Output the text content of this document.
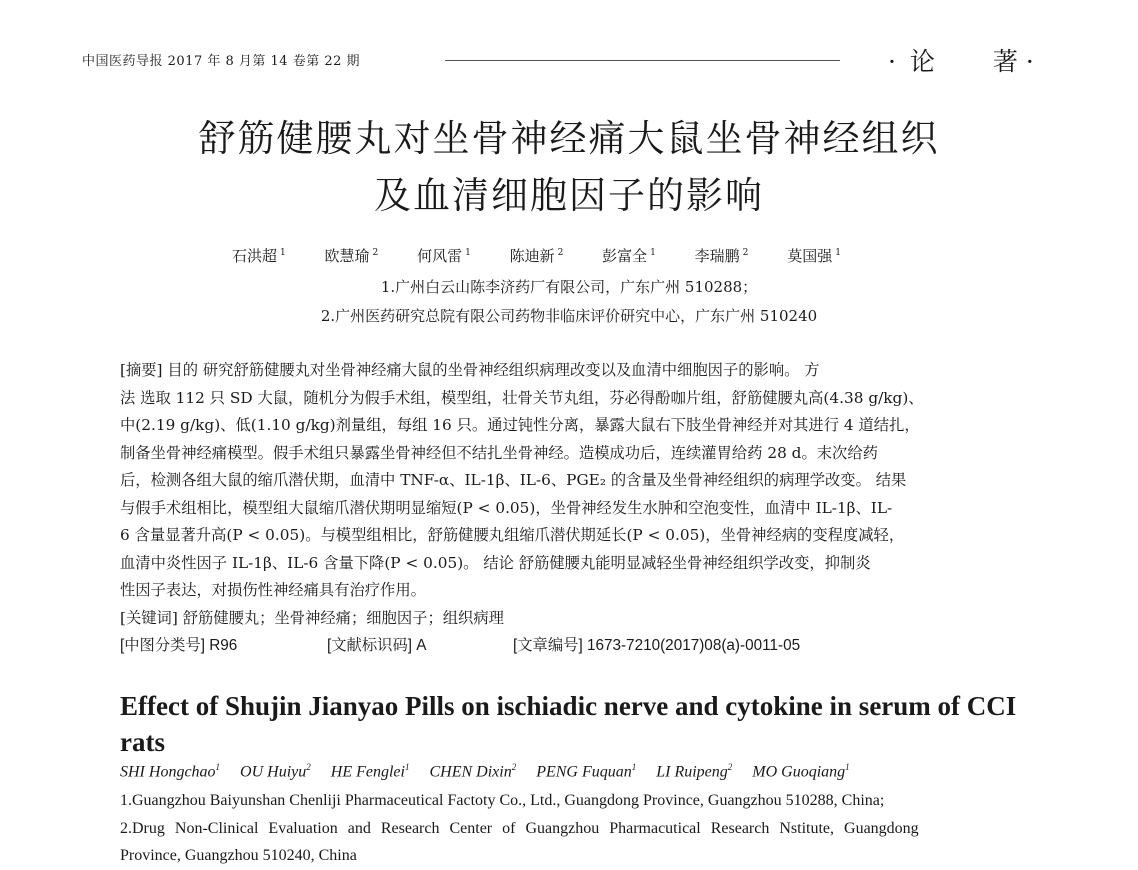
中国医药导报 2017 年 8 月第 14 卷第 22 期	· 论 著 ·
舒筋健腰丸对坐骨神经痛大鼠坐骨神经组织
及血清细胞因子的影响
石洪超 $^1$	欧慧瑜 $^2$	何风雷 $^1$	陈迪新 $^2$	彭富全 $^1$	李瑞鹏 $^2$	莫国强 $^1$
1.广州白云山陈李济药厂有限公司，广东广州 510288；
2.广州医药研究总院有限公司药物非临床评价研究中心，广东广州 510240
[摘要] 目的 研究舒筋健腰丸对坐骨神经痛大鼠的坐骨神经组织病理改变以及血清中细胞因子的影响。 方
法 选取 112 只 SD 大鼠，随机分为假手术组，模型组，壮骨关节丸组，芬必得酚咖片组，舒筋健腰丸高(4.38 g/kg)、
中(2.19 g/kg)、低(1.10 g/kg)剂量组，每组 16 只。通过钝性分离，暴露大鼠右下肢坐骨神经并对其进行 4 道结扎，
制备坐骨神经痛模型。假手术组只暴露坐骨神经但不结扎坐骨神经。造模成功后，连续灌胃给药 28 d。末次给药
后，检测各组大鼠的缩爪潜伏期，血清中 TNF-α、IL-1β、IL-6、PGE₂ 的含量及坐骨神经组织的病理学改变。 结果
与假手术组相比，模型组大鼠缩爪潜伏期明显缩短(P < 0.05)，坐骨神经发生水肿和空泡变性，血清中 IL-1β、IL-
6 含量显著升高(P < 0.05)。与模型组相比，舒筋健腰丸组缩爪潜伏期延长(P < 0.05)，坐骨神经病的变程度减轻，
血清中炎性因子 IL-1β、IL-6 含量下降(P < 0.05)。 结论 舒筋健腰丸能明显减轻坐骨神经组织学改变，抑制炎
性因子表达，对损伤性神经痛具有治疗作用。
[关键词] 舒筋健腰丸；坐骨神经痛；细胞因子；组织病理
[中图分类号] R96	[文献标识码] A	[文章编号] 1673-7210(2017)08(a)-0011-05
Effect of Shujin Jianyao Pills on ischiadic nerve and cytokine in serum of CCI rats
SHI Hongchao$^1$ OU Huiyu$^2$ HE Fenglei$^1$ CHEN Dixin$^2$ PENG Fuquan$^1$ LI Ruipeng$^2$ MO Guoqiang$^1$
1.Guangzhou Baiyunshan Chenliji Pharmaceutical Factoty Co., Ltd., Guangdong Province, Guangzhou 510288, China;
2.Drug Non-Clinical Evaluation and Research Center of Guangzhou Pharmacutical Research Nstitute, Guangdong
Province, Guangzhou 510240, China
